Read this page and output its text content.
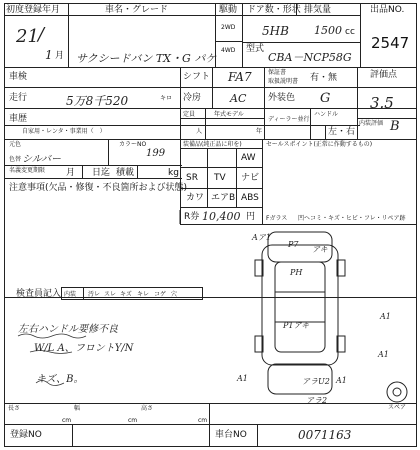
初度登録年月	車名・グレード	駆動 ドア数・形状 排気量	出品NO.
2WD
4WD 型式
21 /
1 月 サクシードバン TX・G パケ
5HB 1500 cc
CBA－NCP58G
2547
車検	シフト FA7	保証書
取扱説明書 有・無	評価点
3.5
走行	5万8千520	キロ 冷房	AC 外装色 G
定員
人
年式モデル
年
ディーラー並行
ハンドル
左・右
内装評価 B
車歴
自家用・レンタ・事業用（　）
カラーNO
199
元色
シルバー
色替
名義変更期限 月 日迄 積載	kg
注意事項(欠品・修復・不良箇所および状態)
装備品(純正品に印を)	セールスポイント(正常に作動するもの)
AW
SR TV ナビ
カワ エアB ABS
R券 10,400 円 Fガラス 凹ヘコミ・キズ・ヒビ・フレ・リペア跡
検査員記入 内装 汚レ スレ キズ キレ コゲ 穴
左右ハンドル要修不良
W/L A、フロントY/N
キズ、B。
Aア1
P7
アキ
PH
P1アキ
A1
A1
A1	A1
アラU2
アラ2
スペア
長さ
cm
幅
cm
高さ
cm
登録NO	車台NO	0071163
